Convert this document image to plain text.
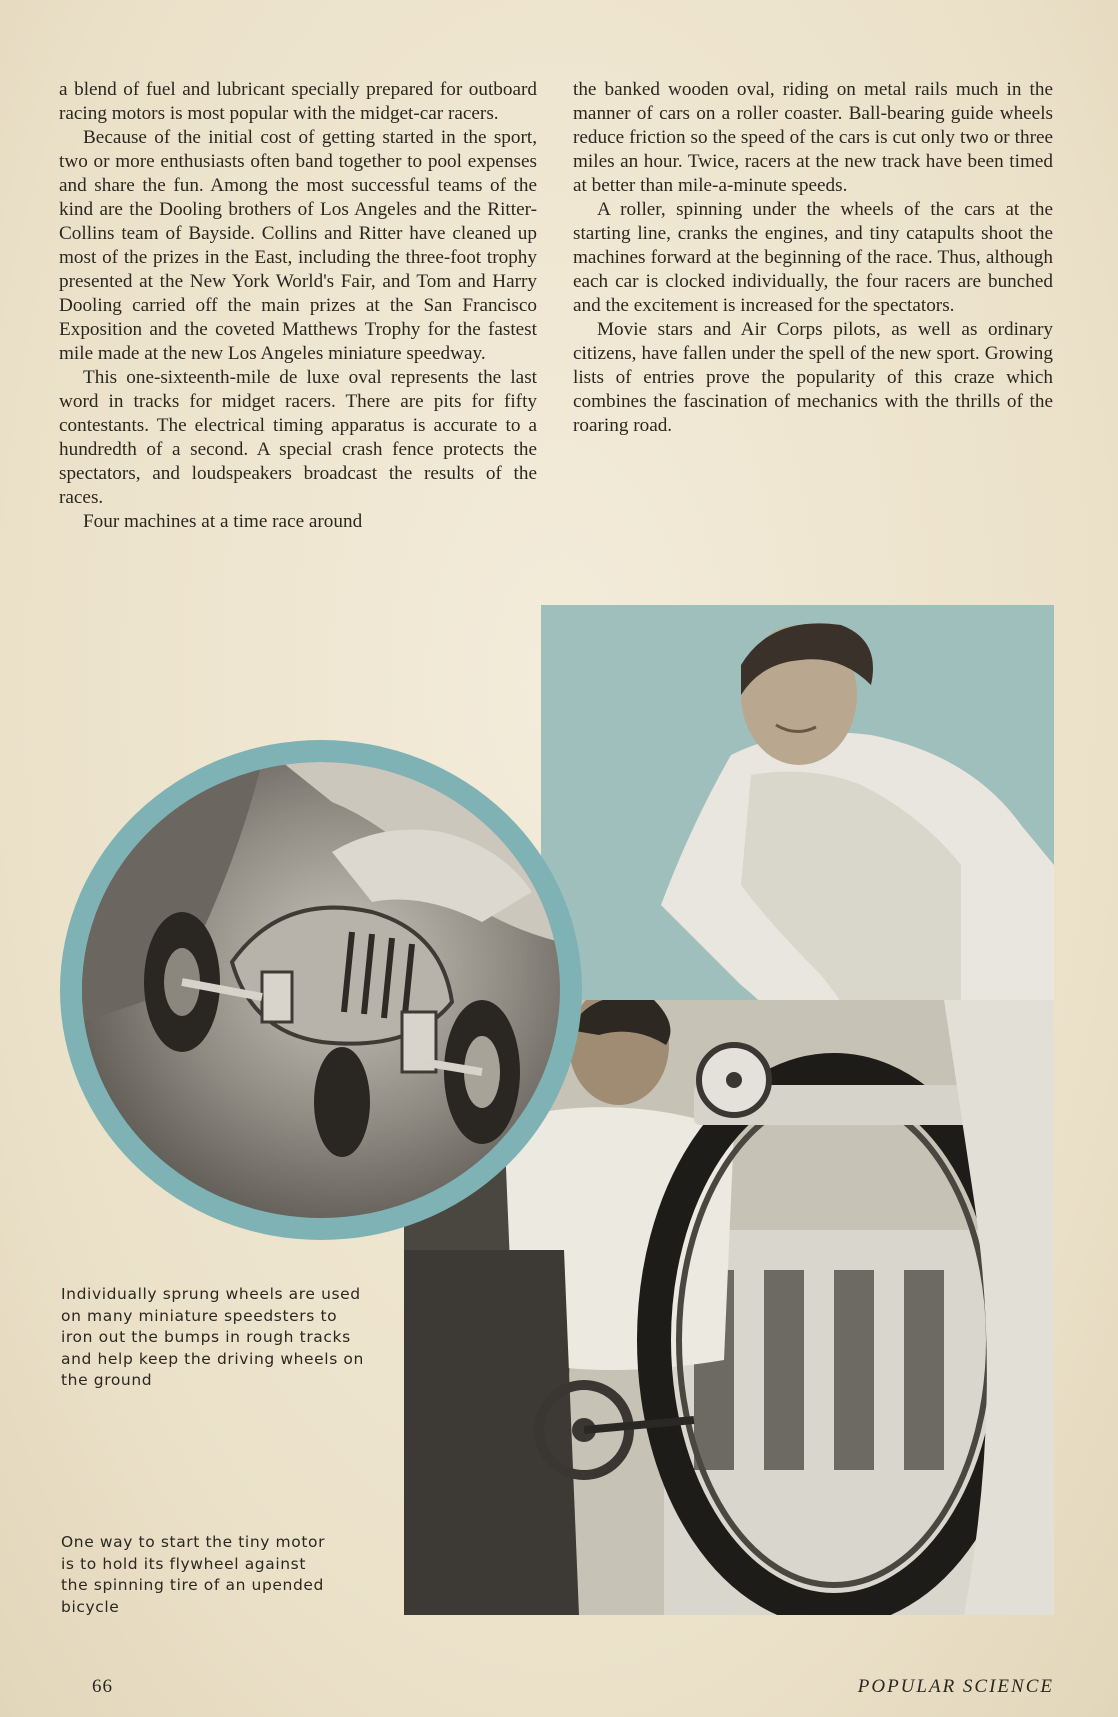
a blend of fuel and lubricant specially prepared for outboard racing motors is most popular with the midget-car racers.

Because of the initial cost of getting started in the sport, two or more enthusiasts often band together to pool expenses and share the fun. Among the most successful teams of the kind are the Dooling brothers of Los Angeles and the Ritter-Collins team of Bayside. Collins and Ritter have cleaned up most of the prizes in the East, including the three-foot trophy presented at the New York World's Fair, and Tom and Harry Dooling carried off the main prizes at the San Francisco Exposition and the coveted Matthews Trophy for the fastest mile made at the new Los Angeles miniature speedway.

This one-sixteenth-mile de luxe oval represents the last word in tracks for midget racers. There are pits for fifty contestants. The electrical timing apparatus is accurate to a hundredth of a second. A special crash fence protects the spectators, and loudspeakers broadcast the results of the races.

Four machines at a time race around

the banked wooden oval, riding on metal rails much in the manner of cars on a roller coaster. Ball-bearing guide wheels reduce friction so the speed of the cars is cut only two or three miles an hour. Twice, racers at the new track have been timed at better than mile-a-minute speeds.

A roller, spinning under the wheels of the cars at the starting line, cranks the engines, and tiny catapults shoot the machines forward at the beginning of the race. Thus, although each car is clocked individually, the four racers are bunched and the excitement is increased for the spectators.

Movie stars and Air Corps pilots, as well as ordinary citizens, have fallen under the spell of the new sport. Growing lists of entries prove the popularity of this craze which combines the fascination of mechanics with the thrills of the roaring road.

Individually sprung wheels are used on many miniature speedsters to iron out the bumps in rough tracks and help keep the driving wheels on the ground
One way to start the tiny motor is to hold its flywheel against the spinning tire of an upended bicycle
66	POPULAR SCIENCE
